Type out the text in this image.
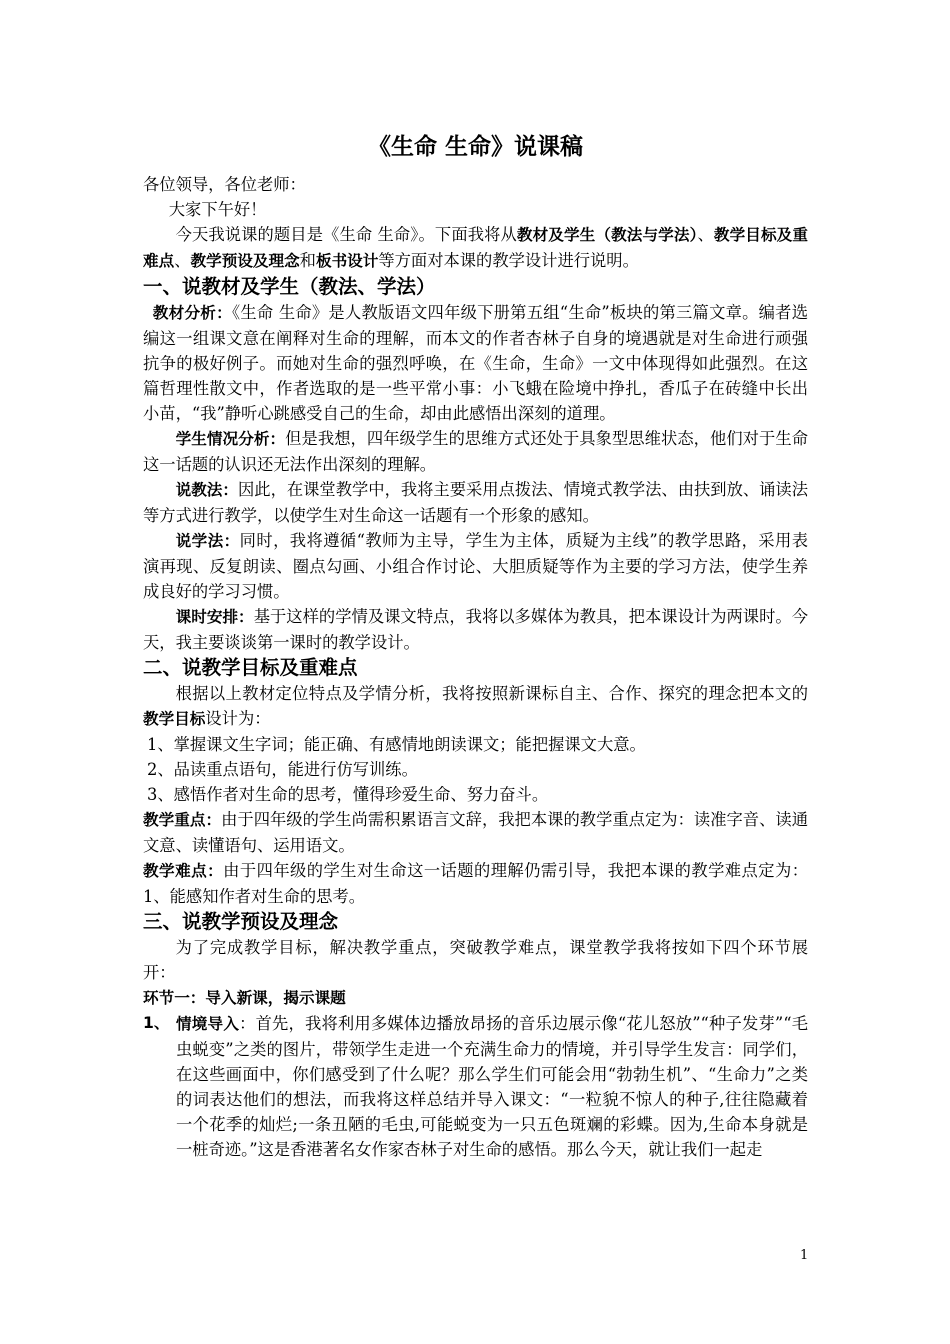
《生命 生命》说课稿

各位领导，各位老师：

大家下午好！

今天我说课的题目是《生命 生命》。下面我将从教材及学生（教法与学法）、教学目标及重难点、教学预设及理念和板书设计等方面对本课的教学设计进行说明。

一、说教材及学生（教法、学法）

教材分析：《生命 生命》是人教版语文四年级下册第五组“生命”板块的第三篇文章。编者选编这一组课文意在阐释对生命的理解，而本文的作者杏林子自身的境遇就是对生命进行顽强抗争的极好例子。而她对生命的强烈呼唤，在《生命，生命》一文中体现得如此强烈。在这篇哲理性散文中，作者选取的是一些平常小事：小飞蛾在险境中挣扎，香瓜子在砖缝中长出小苗，“我”静听心跳感受自己的生命，却由此感悟出深刻的道理。

学生情况分析：但是我想，四年级学生的思维方式还处于具象型思维状态，他们对于生命这一话题的认识还无法作出深刻的理解。

说教法：因此，在课堂教学中，我将主要采用点拨法、情境式教学法、由扶到放、诵读法等方式进行教学，以使学生对生命这一话题有一个形象的感知。

说学法：同时，我将遵循“教师为主导，学生为主体，质疑为主线”的教学思路，采用表演再现、反复朗读、圈点勾画、小组合作讨论、大胆质疑等作为主要的学习方法，使学生养成良好的学习习惯。

课时安排：基于这样的学情及课文特点，我将以多媒体为教具，把本课设计为两课时。今天，我主要谈谈第一课时的教学设计。

二、说教学目标及重难点

根据以上教材定位特点及学情分析，我将按照新课标自主、合作、探究的理念把本文的教学目标设计为：

1、掌握课文生字词；能正确、有感情地朗读课文；能把握课文大意。

2、品读重点语句，能进行仿写训练。

3、感悟作者对生命的思考，懂得珍爱生命、努力奋斗。

教学重点：由于四年级的学生尚需积累语言文辞，我把本课的教学重点定为：读准字音、读通文意、读懂语句、运用语文。

教学难点：由于四年级的学生对生命这一话题的理解仍需引导，我把本课的教学难点定为：1、能感知作者对生命的思考。

三、说教学预设及理念

为了完成教学目标，解决教学重点，突破教学难点，课堂教学我将按如下四个环节展开：

环节一：导入新课，揭示课题

1、 情境导入：首先，我将利用多媒体边播放昂扬的音乐边展示像“花儿怒放”“种子发芽”“毛虫蜕变”之类的图片，带领学生走进一个充满生命力的情境，并引导学生发言：同学们，在这些画面中，你们感受到了什么呢？那么学生们可能会用“勃勃生机”、“生命力”之类的词表达他们的想法，而我将这样总结并导入课文：“一粒貌不惊人的种子,往往隐藏着一个花季的灿烂;一条丑陋的毛虫,可能蜕变为一只五色斑斓的彩蝶。因为,生命本身就是一桩奇迹。”这是香港著名女作家杏林子对生命的感悟。那么今天，就让我们一起走

1
